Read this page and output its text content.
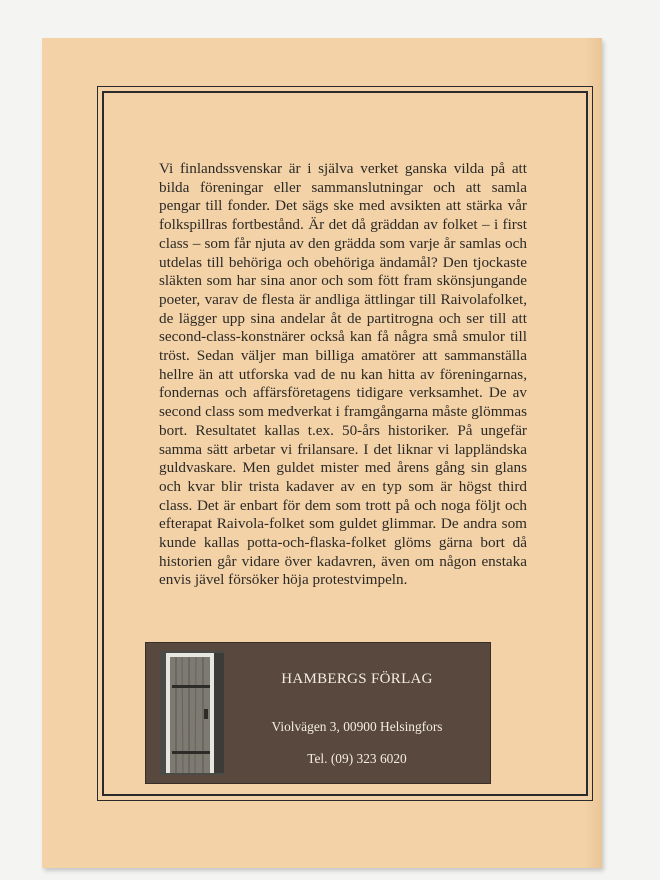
Vi finlandssvenskar är i själva verket ganska vilda på att bilda föreningar eller sammanslutningar och att samla pengar till fonder. Det sägs ske med avsikten att stärka vår folkspillras fortbestånd. Är det då gräddan av folket – i first class – som får njuta av den grädda som varje år samlas och utdelas till behöriga och obehöriga ändamål? Den tjockaste släkten som har sina anor och som fött fram skönsjungande poeter, varav de flesta är andliga ättlingar till Raivolafolket, de lägger upp sina andelar åt de partitrogna och ser till att second-class-konstnärer också kan få några små smulor till tröst. Sedan väljer man billiga amatörer att sammanställa hellre än att utforska vad de nu kan hitta av föreningarnas, fondernas och affärsföretagens tidigare verksamhet. De av second class som medverkat i framgångarna måste glömmas bort. Resultatet kallas t.ex. 50-års historiker. På ungefär samma sätt arbetar vi frilansare. I det liknar vi lappländska guldvaskare. Men guldet mister med årens gång sin glans och kvar blir trista kadaver av en typ som är högst third class. Det är enbart för dem som trott på och noga följt och efterapat Raivola-folket som guldet glimmar. De andra som kunde kallas potta-och-flaska-folket glöms gärna bort då historien går vidare över kadavren, även om någon enstaka envis jävel försöker höja protestvimpeln.

HAMBERGS FÖRLAG
Violvägen 3, 00900 Helsingfors
Tel. (09) 323 6020
